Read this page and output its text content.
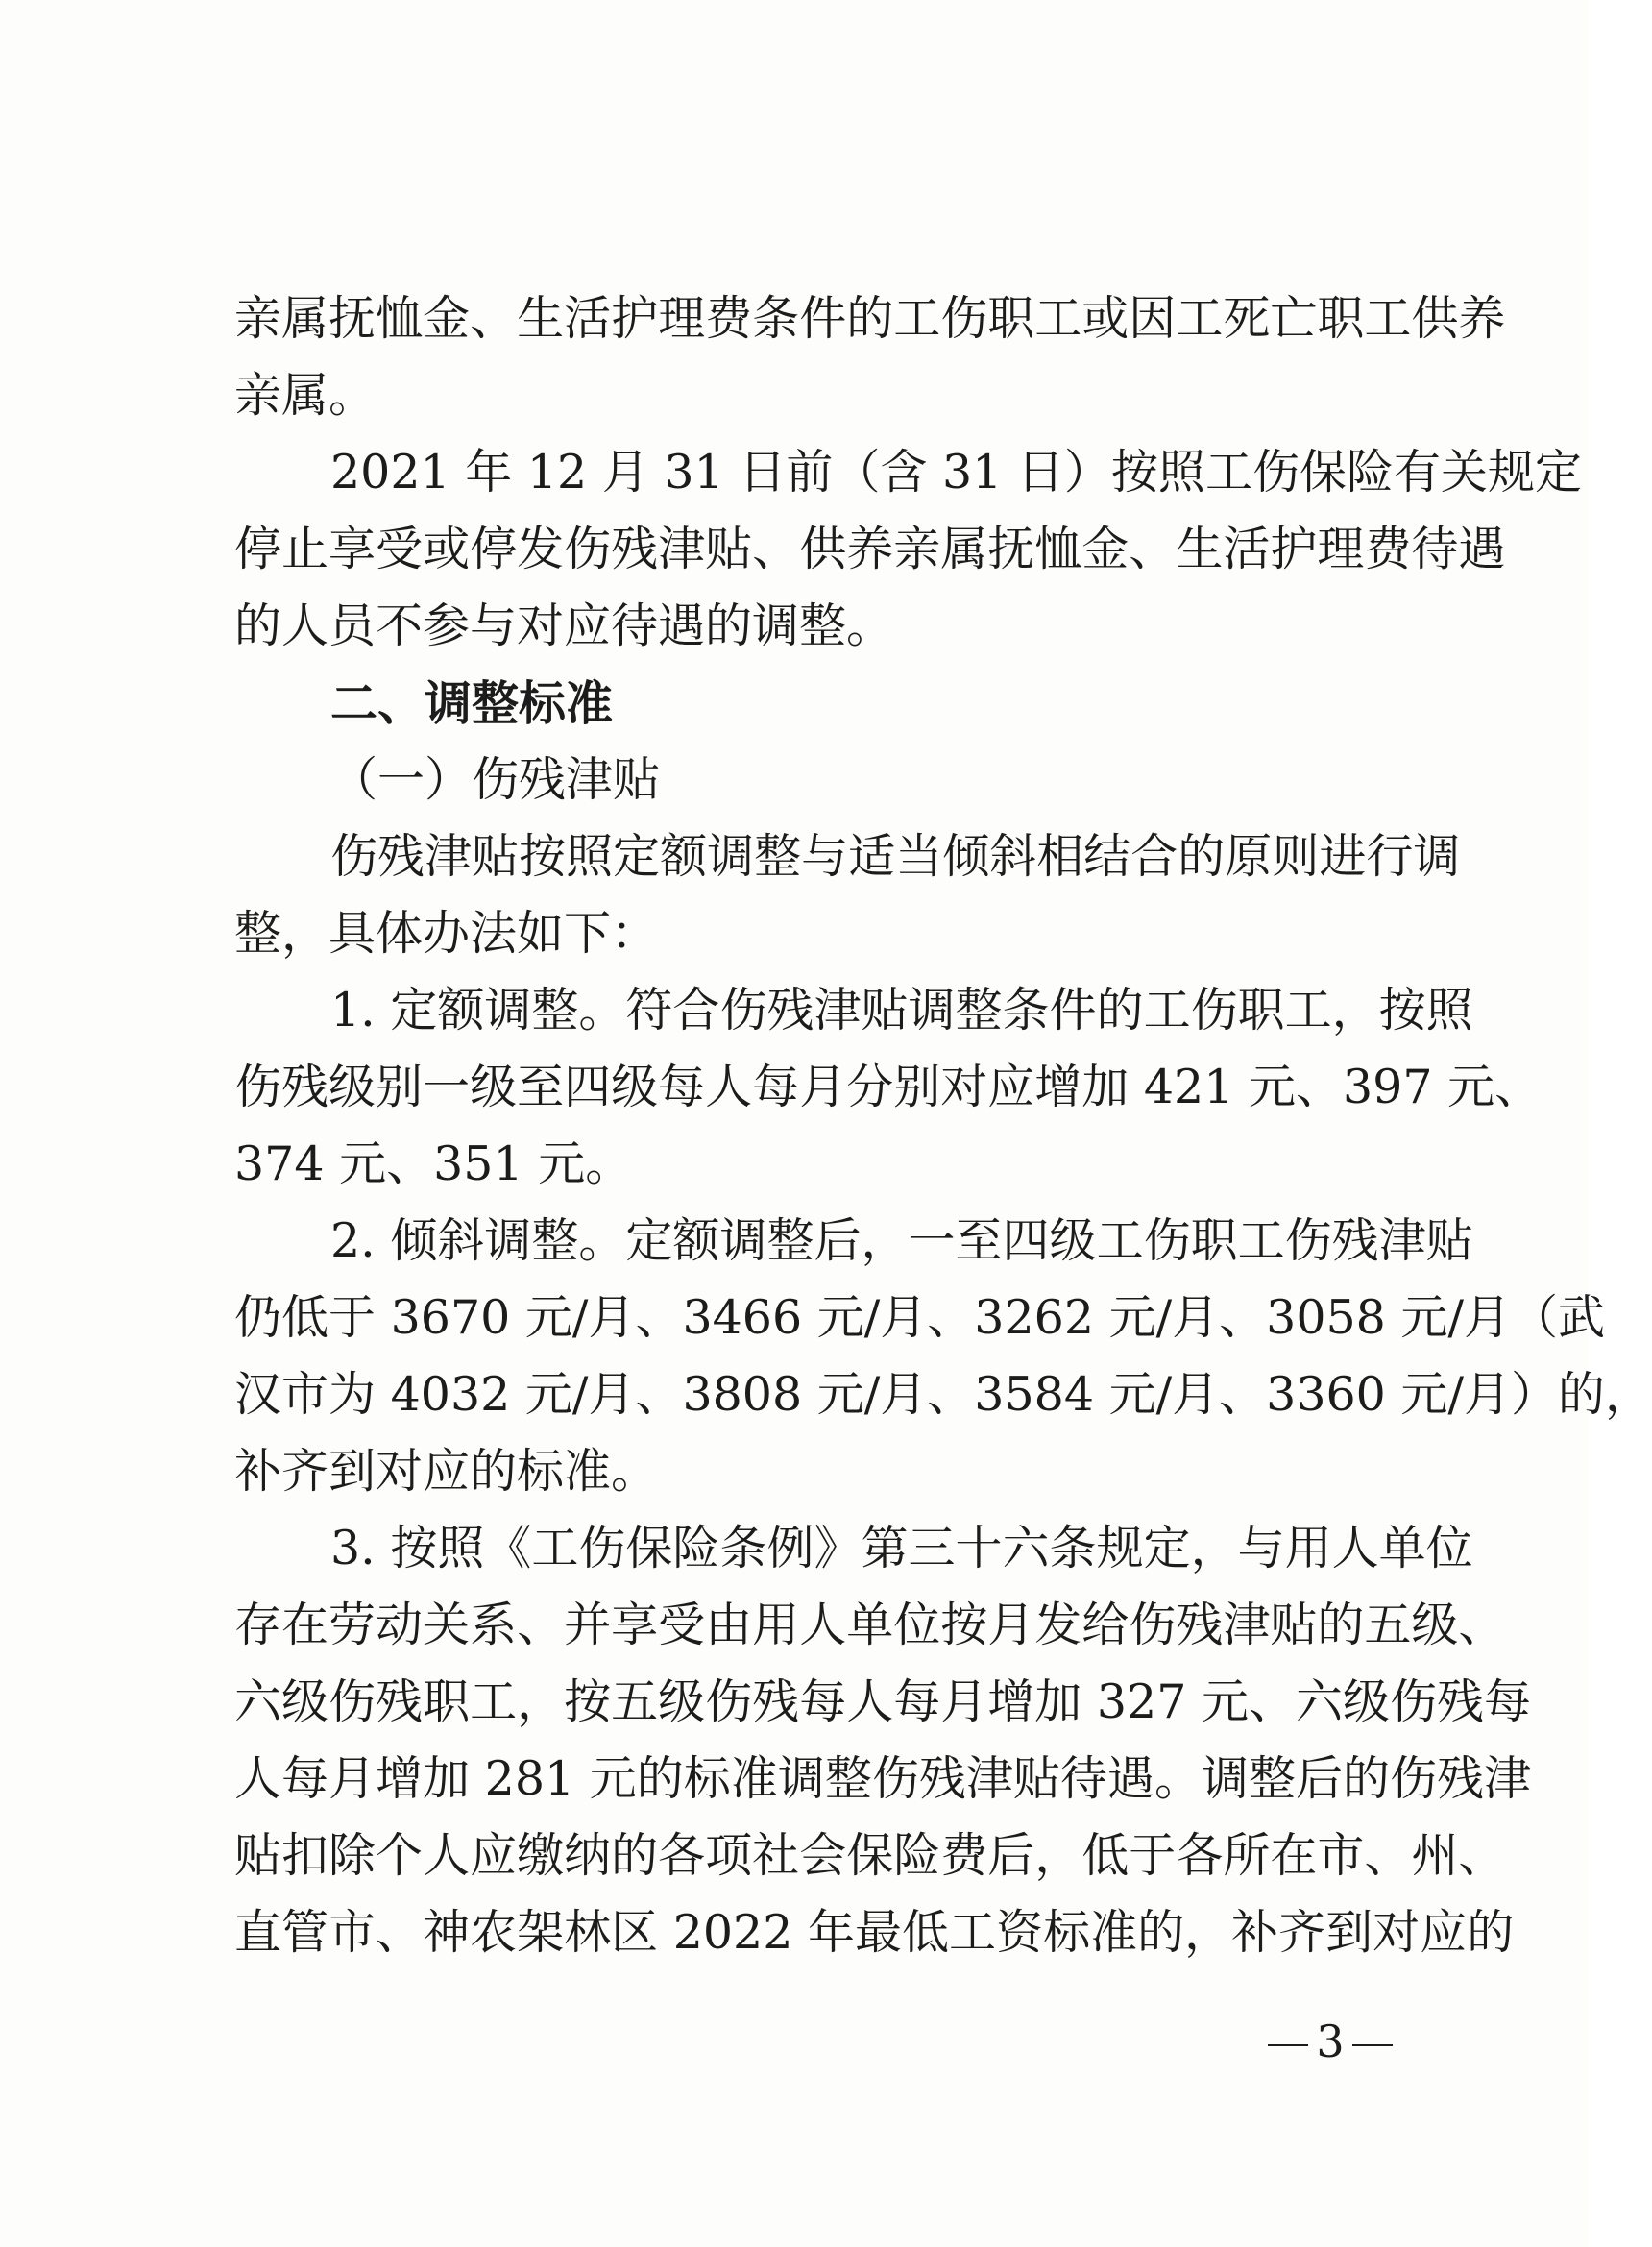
亲 属 抚 恤 金 、 生 活 护 理 费 条 件 的 工 伤 职 工 或 因 工 死 亡 职 工 供 养
亲属。
2021 年 12 月 31 日 前 （ 含 31 日 ） 按 照 工 伤 保 险 有 关 规 定
停 止 享 受 或 停 发 伤 残 津 贴 、 供 养 亲 属 抚 恤 金 、 生 活 护 理 费 待 遇
的人员不参与对应待遇的调整。
二、调整标准
（一）伤残津贴
伤 残 津 贴 按 照 定 额 调 整 与 适 当 倾 斜 相 结 合 的 原 则 进 行 调
整，具体办法如下：
1. 定 额 调 整 。 符 合 伤 残 津 贴 调 整 条 件 的 工 伤 职 工 ， 按 照
伤 残 级 别 一 级 至 四 级 每 人 每 月 分 别 对 应 增 加 421 元 、 397 元 、
374 元、351 元。
2. 倾 斜 调 整 。 定 额 调 整 后 ， 一 至 四 级 工 伤 职 工 伤 残 津 贴
仍 低 于 3670 元 / 月 、 3466 元 / 月 、 3262 元 / 月 、 3058 元 / 月 （ 武
汉 市 为 4032 元 / 月 、 3808 元 / 月 、 3584 元 / 月 、 3360 元 / 月 ） 的 ，
补齐到对应的标准。
3. 按 照 《 工 伤 保 险 条 例 》 第 三 十 六 条 规 定 ， 与 用 人 单 位
存 在 劳 动 关 系 、 并 享 受 由 用 人 单 位 按 月 发 给 伤 残 津 贴 的 五 级 、
六 级 伤 残 职 工 ， 按 五 级 伤 残 每 人 每 月 增 加 327 元 、 六 级 伤 残 每
人 每 月 增 加 281 元 的 标 准 调 整 伤 残 津 贴 待 遇 。 调 整 后 的 伤 残 津
贴 扣 除 个 人 应 缴 纳 的 各 项 社 会 保 险 费 后 ， 低 于 各 所 在 市 、 州 、
直 管 市 、 神 农 架 林 区 2022 年 最 低 工 资 标 准 的 ， 补 齐 到 对 应 的
3
